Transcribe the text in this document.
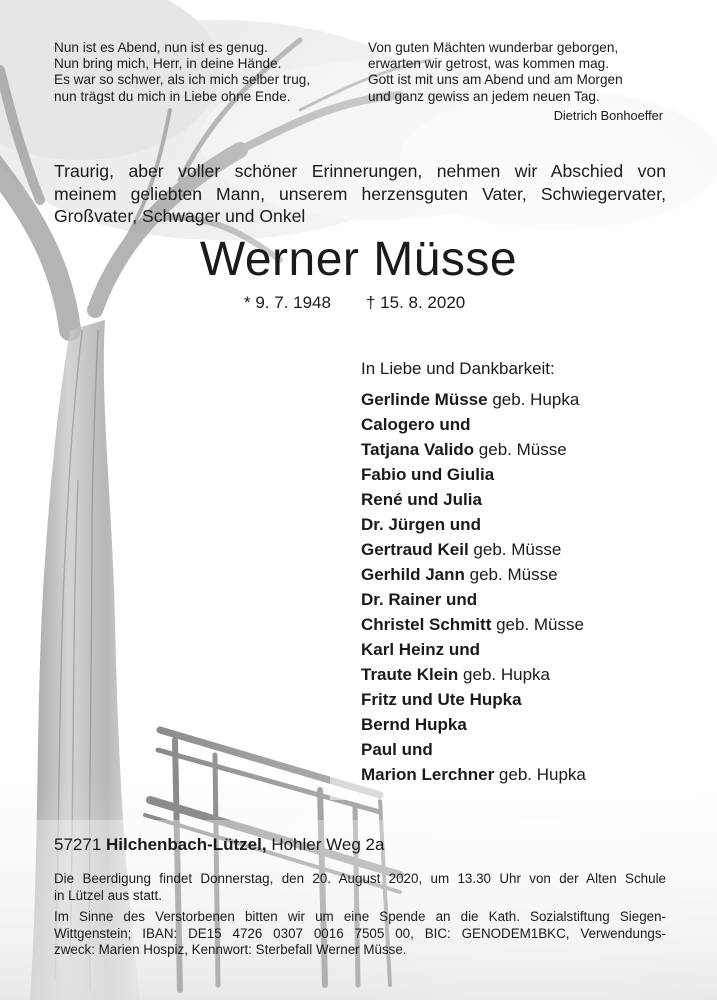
Nun ist es Abend, nun ist es genug.
Nun bring mich, Herr, in deine Hände.
Es war so schwer, als ich mich selber trug,
nun trägst du mich in Liebe ohne Ende.
Von guten Mächten wunderbar geborgen,
erwarten wir getrost, was kommen mag.
Gott ist mit uns am Abend und am Morgen
und ganz gewiss an jedem neuen Tag.
Dietrich Bonhoeffer
Traurig, aber voller schöner Erinnerungen, nehmen wir Abschied von
meinem geliebten Mann, unserem herzensguten Vater, Schwiegervater,
Großvater, Schwager und Onkel
Werner Müsse
* 9. 7. 1948 † 15. 8. 2020
In Liebe und Dankbarkeit:
Gerlinde Müsse geb. Hupka
Calogero und
Tatjana Valido geb. Müsse
Fabio und Giulia
René und Julia
Dr. Jürgen und
Gertraud Keil geb. Müsse
Gerhild Jann geb. Müsse
Dr. Rainer und
Christel Schmitt geb. Müsse
Karl Heinz und
Traute Klein geb. Hupka
Fritz und Ute Hupka
Bernd Hupka
Paul und
Marion Lerchner geb. Hupka
57271 Hilchenbach-Lützel, Hohler Weg 2a
Die Beerdigung findet Donnerstag, den 20. August 2020, um 13.30 Uhr von der Alten Schule
in Lützel aus statt.
Im Sinne des Verstorbenen bitten wir um eine Spende an die Kath. Sozialstiftung Siegen-
Wittgenstein; IBAN: DE15 4726 0307 0016 7505 00, BIC: GENODEM1BKC, Verwendungs-
zweck: Marien Hospiz, Kennwort: Sterbefall Werner Müsse.
